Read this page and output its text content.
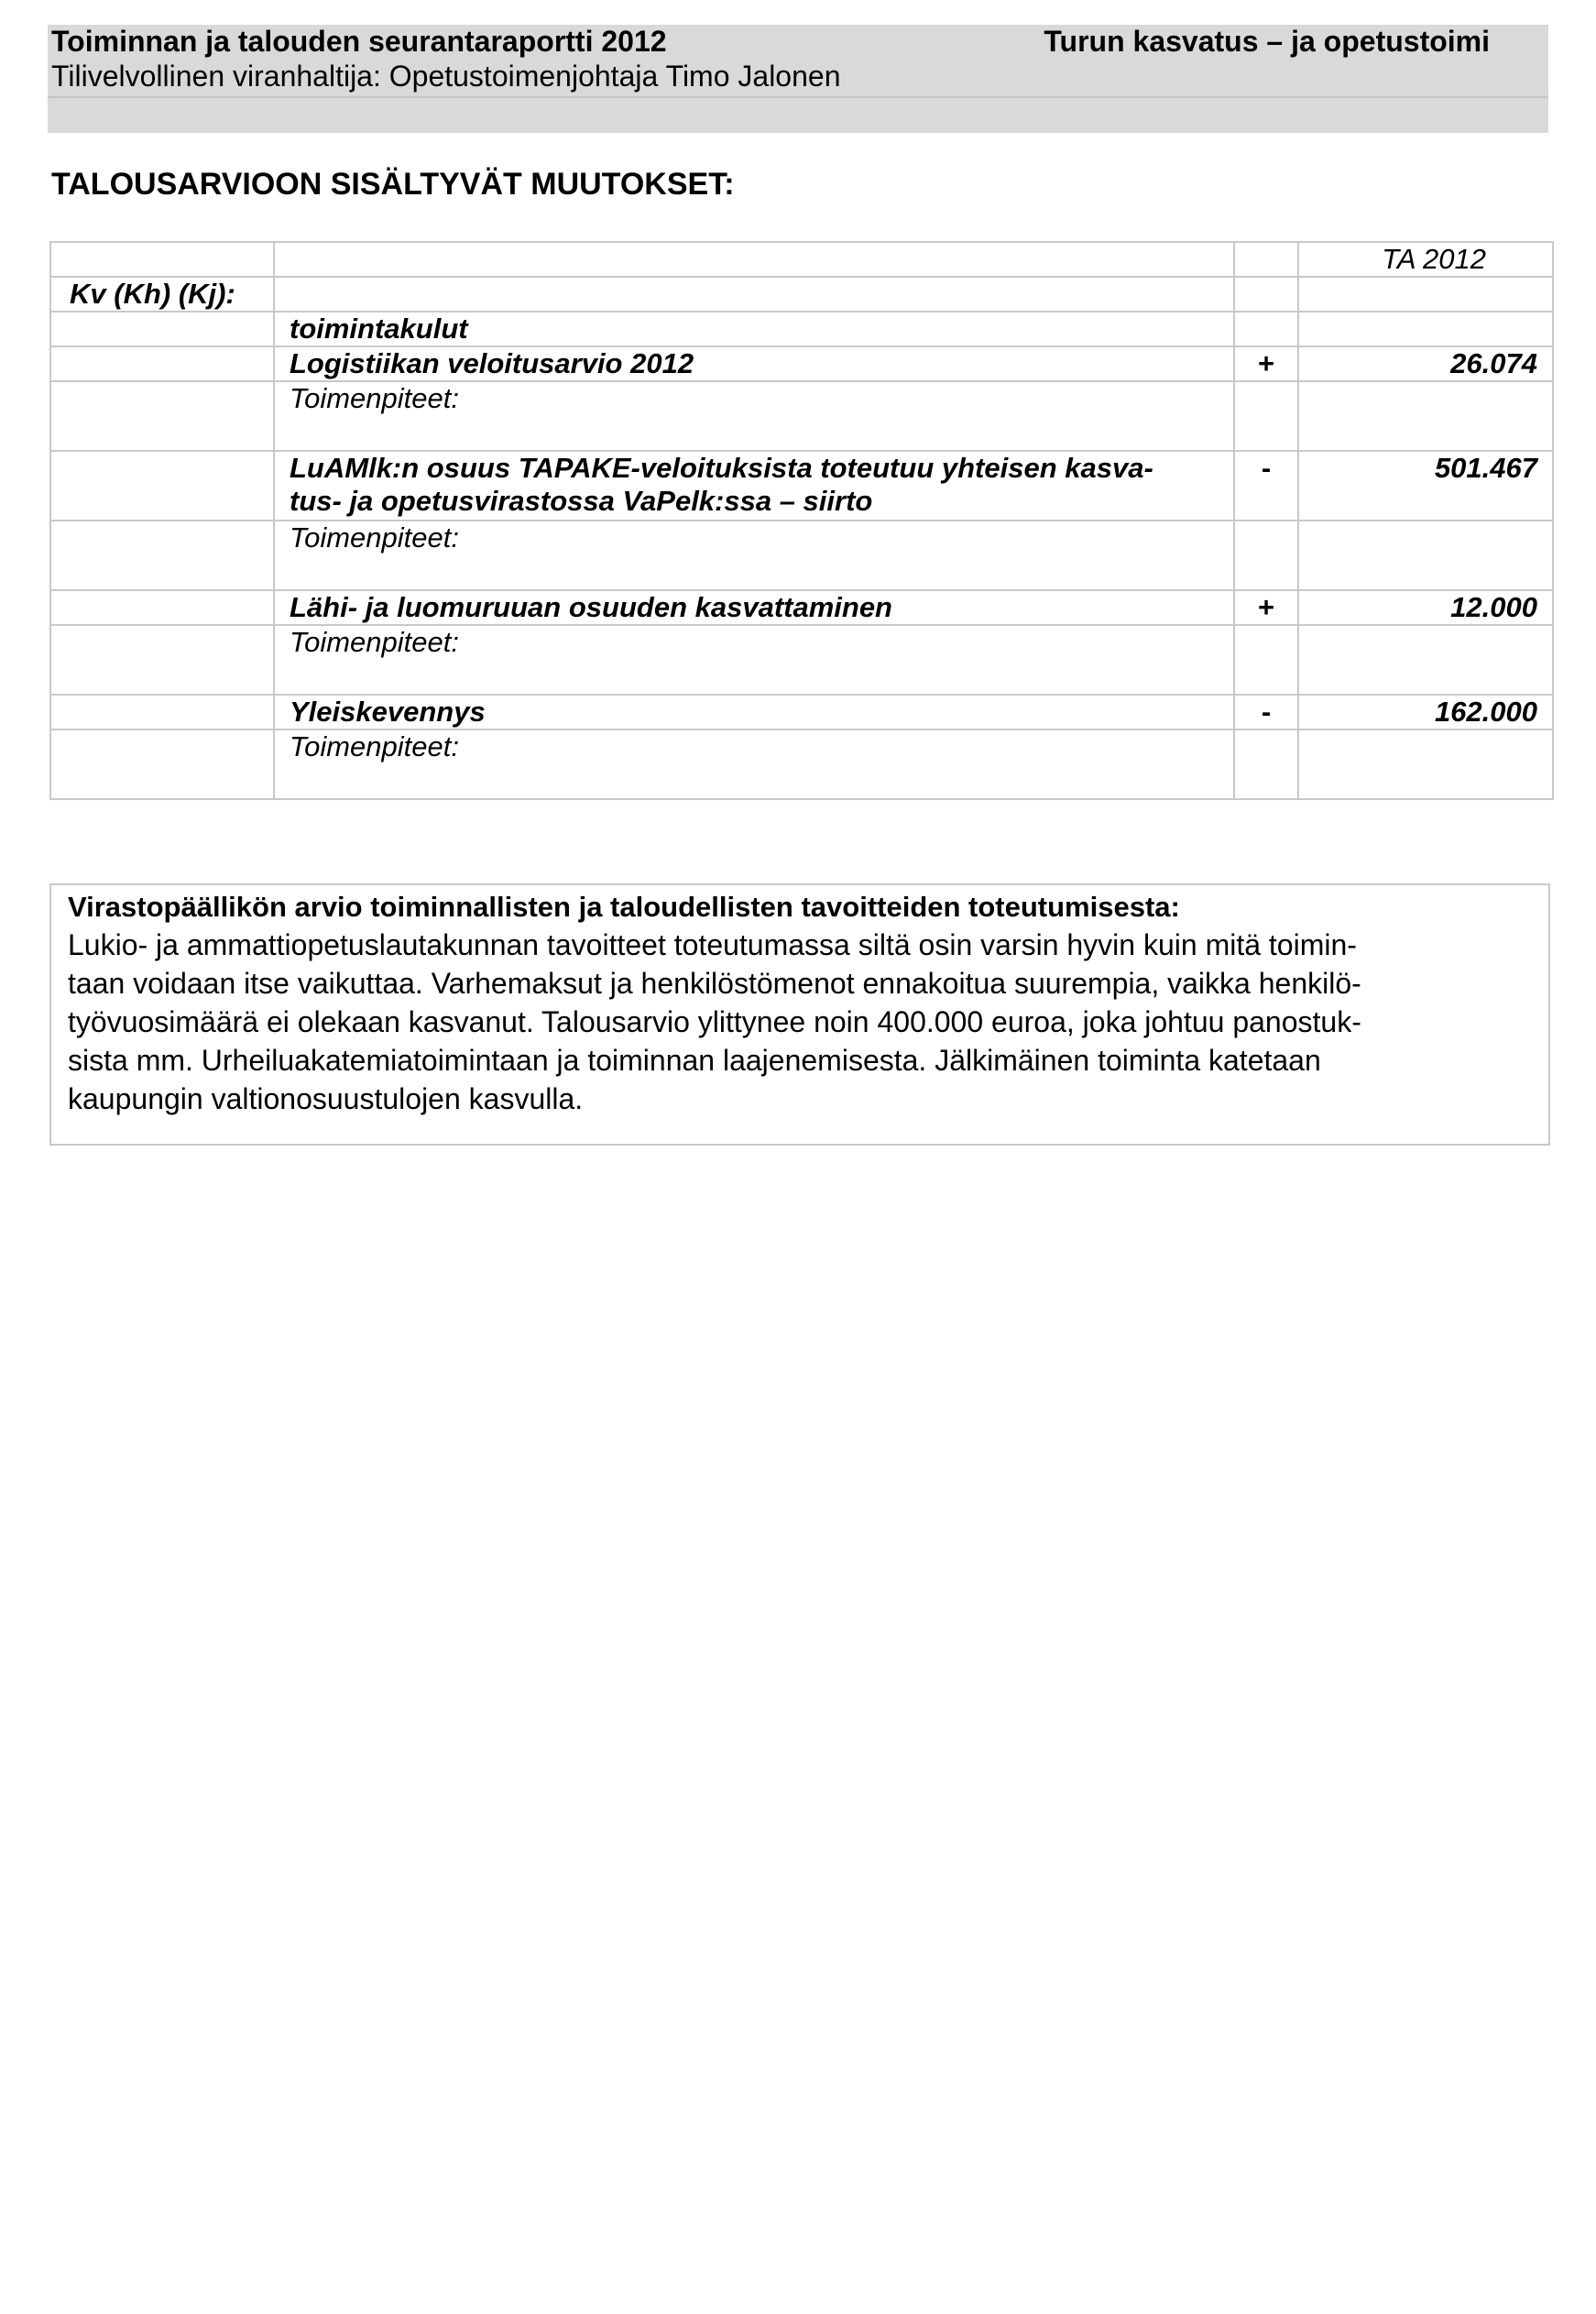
Toiminnan ja talouden seurantaraportti 2012	Turun kasvatus – ja opetustoimi
Tilivelvollinen viranhaltija: Opetustoimenjohtaja Timo Jalonen
TALOUSARVIOON SISÄLTYVÄT MUUTOKSET:
			TA 2012
Kv (Kh) (Kj):			
	toimintakulut		
	Logistiikan veloitusarvio 2012	+	26.074
	Toimenpiteet:		

	LuAMlk:n osuus TAPAKE-veloituksista toteutuu yhteisen kasva-
tus- ja opetusvirastossa VaPelk:ssa – siirto	-	501.467
	Toimenpiteet:		
	Lähi- ja luomuruuan osuuden kasvattaminen	+	12.000
	Toimenpiteet:		
	Yleiskevennys	-	162.000
	Toimenpiteet:		
Virastopäällikön arvio toiminnallisten ja taloudellisten tavoitteiden toteutumisesta:
Lukio- ja ammattiopetuslautakunnan tavoitteet toteutumassa siltä osin varsin hyvin kuin mitä toimin-
taan voidaan itse vaikuttaa. Varhemaksut ja henkilöstömenot ennakoitua suurempia, vaikka henkilö-
työvuosimäärä ei olekaan kasvanut. Talousarvio ylittynee noin 400.000 euroa, joka johtuu panostuk-
sista mm. Urheiluakatemiatoimintaan ja toiminnan laajenemisesta. Jälkimäinen toiminta katetaan
kaupungin valtionosuustulojen kasvulla.
